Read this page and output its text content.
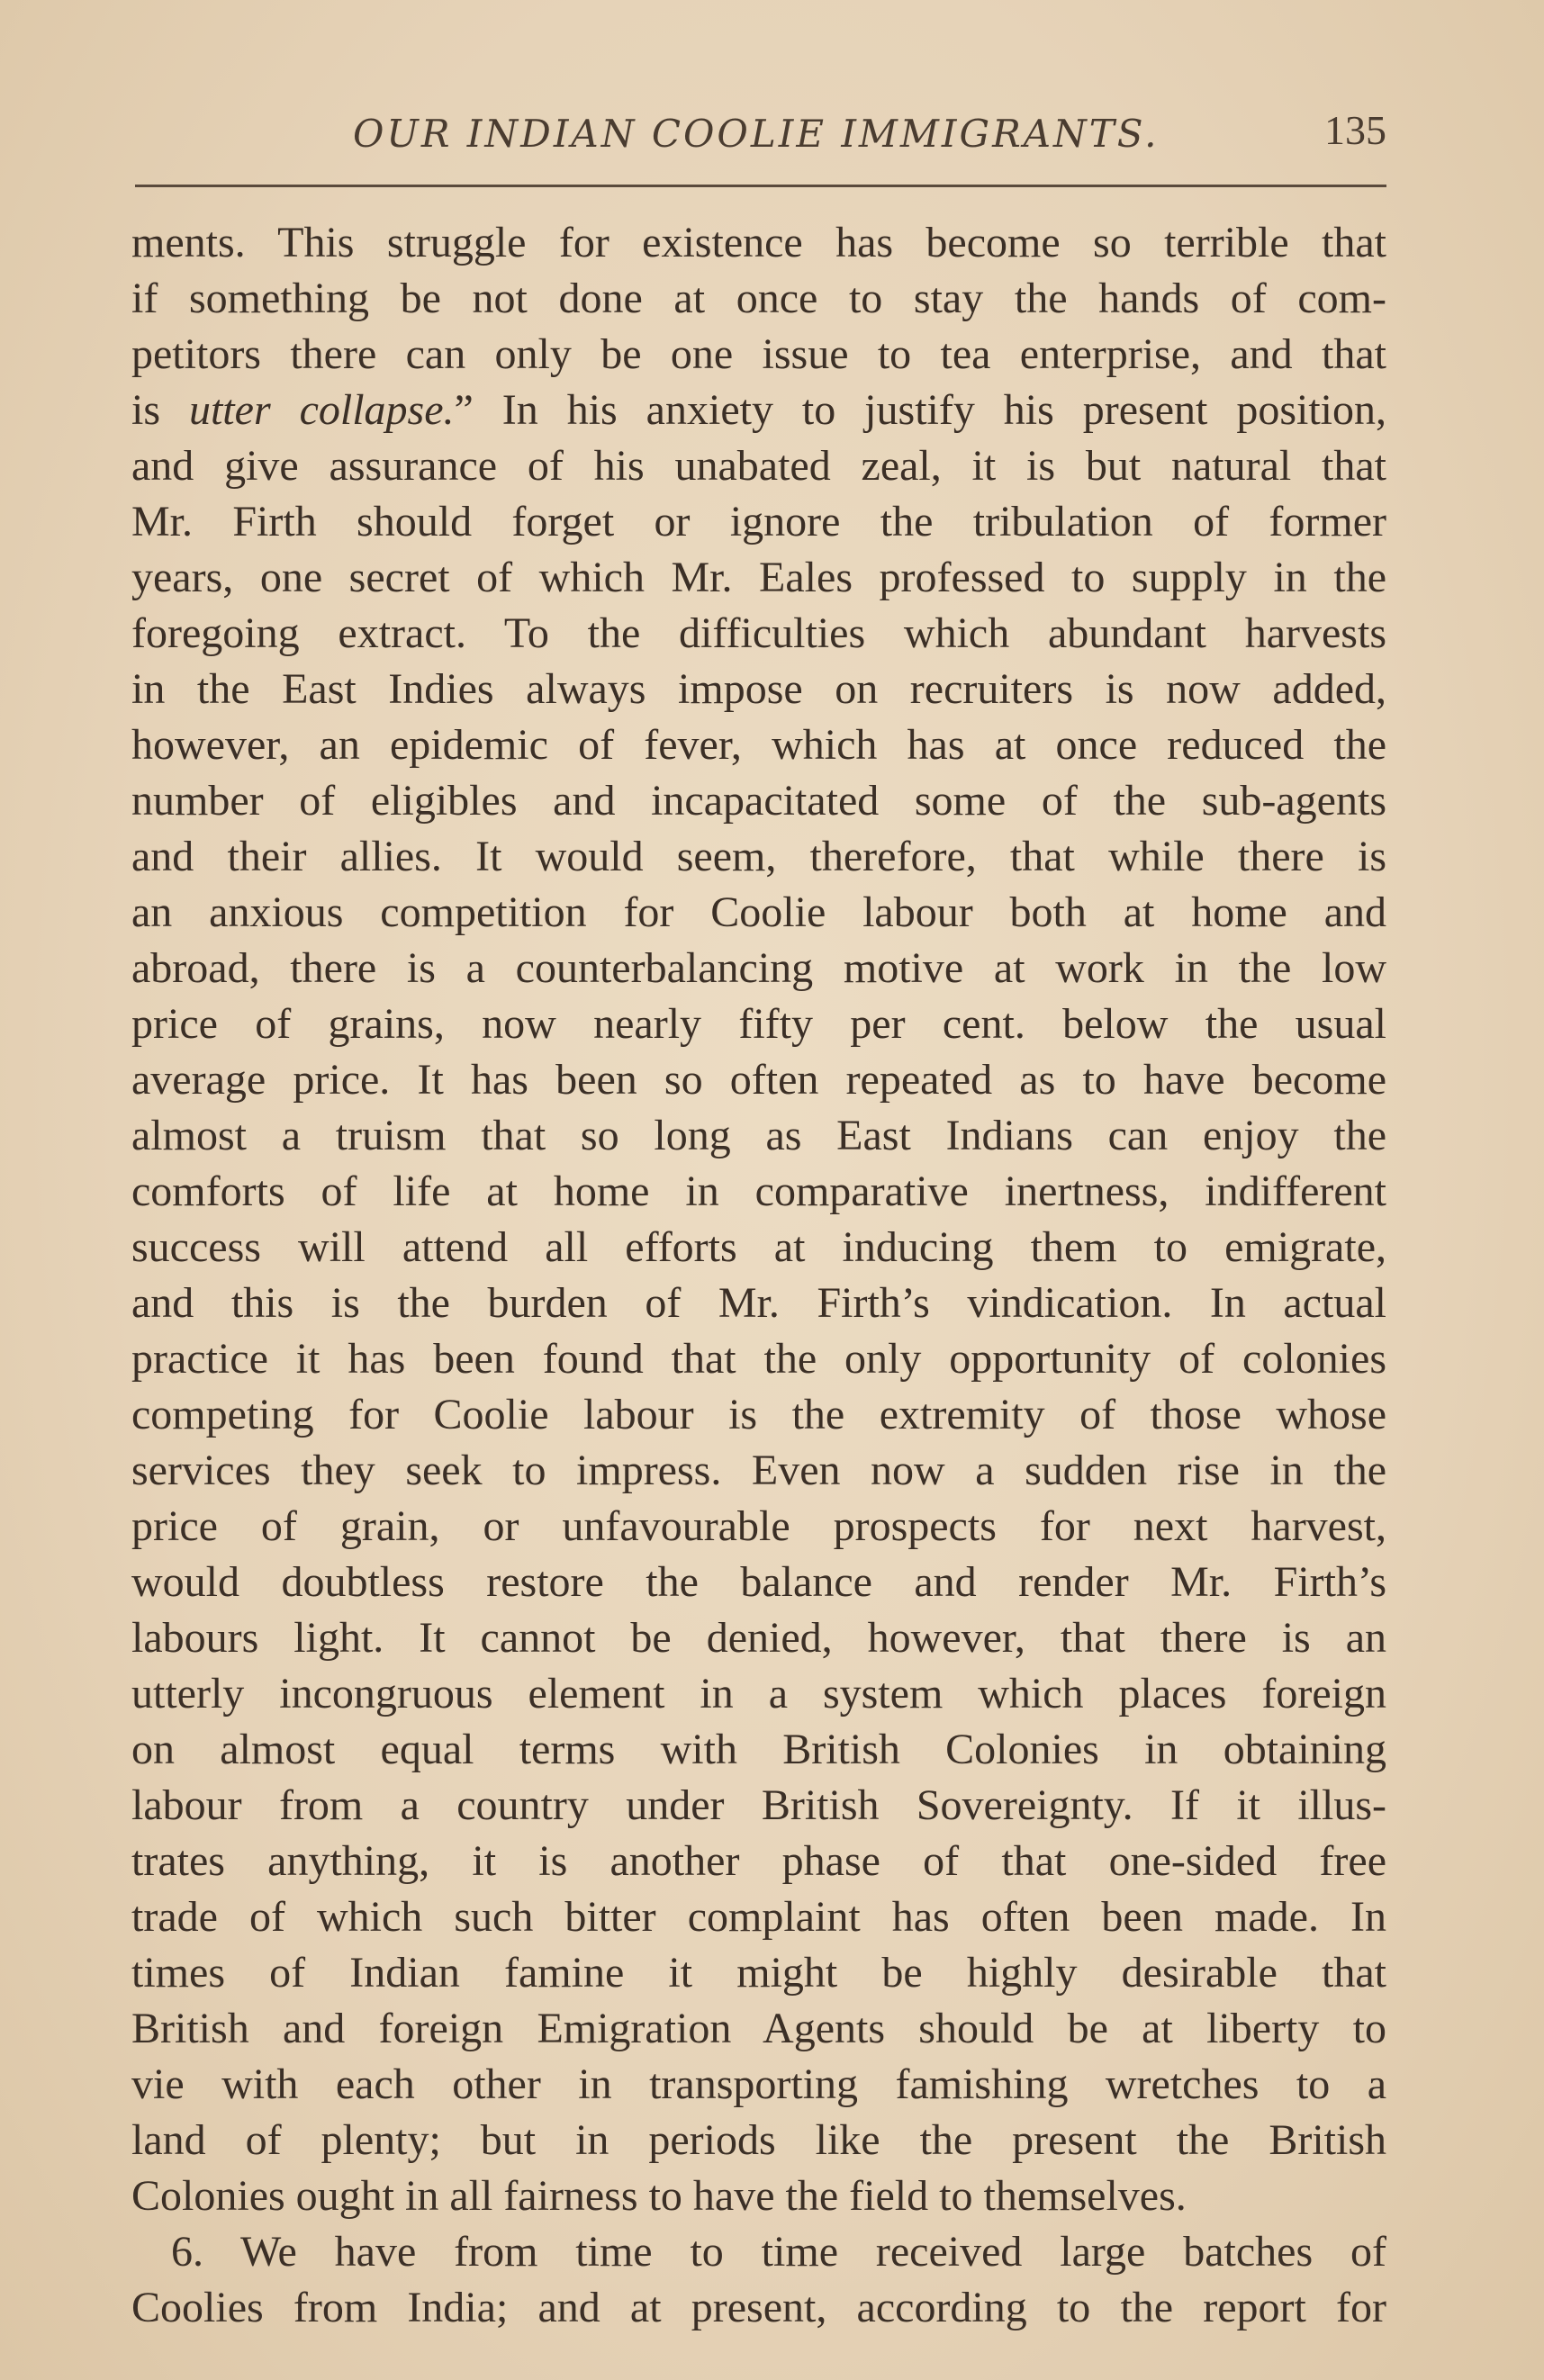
OUR INDIAN COOLIE IMMIGRANTS.	135
ments. This struggle for existence has become so terrible that
if something be not done at once to stay the hands of com-
petitors there can only be one issue to tea enterprise, and that
is utter collapse.” In his anxiety to justify his present position,
and give assurance of his unabated zeal, it is but natural that
Mr. Firth should forget or ignore the tribulation of former
years, one secret of which Mr. Eales professed to supply in the
foregoing extract. To the difficulties which abundant harvests
in the East Indies always impose on recruiters is now added,
however, an epidemic of fever, which has at once reduced the
number of eligibles and incapacitated some of the sub-agents
and their allies. It would seem, therefore, that while there is
an anxious competition for Coolie labour both at home and
abroad, there is a counterbalancing motive at work in the low
price of grains, now nearly fifty per cent. below the usual
average price. It has been so often repeated as to have become
almost a truism that so long as East Indians can enjoy the
comforts of life at home in comparative inertness, indifferent
success will attend all efforts at inducing them to emigrate,
and this is the burden of Mr. Firth’s vindication. In actual
practice it has been found that the only opportunity of colonies
competing for Coolie labour is the extremity of those whose
services they seek to impress. Even now a sudden rise in the
price of grain, or unfavourable prospects for next harvest,
would doubtless restore the balance and render Mr. Firth’s
labours light. It cannot be denied, however, that there is an
utterly incongruous element in a system which places foreign
on almost equal terms with British Colonies in obtaining
labour from a country under British Sovereignty. If it illus-
trates anything, it is another phase of that one-sided free
trade of which such bitter complaint has often been made. In
times of Indian famine it might be highly desirable that
British and foreign Emigration Agents should be at liberty to
vie with each other in transporting famishing wretches to a
land of plenty; but in periods like the present the British
Colonies ought in all fairness to have the field to themselves.
6. We have from time to time received large batches of
Coolies from India; and at present, according to the report for
